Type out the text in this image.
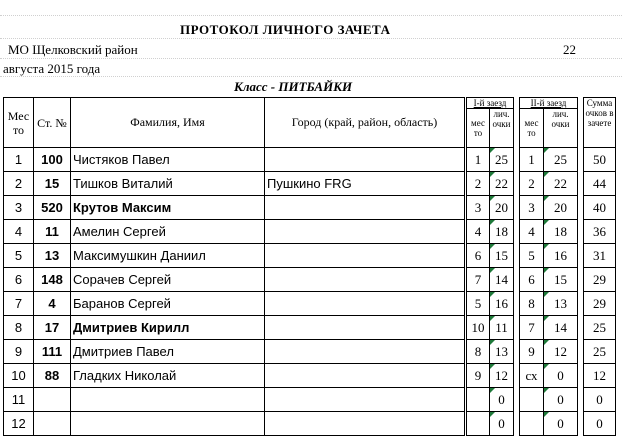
ПРОТОКОЛ ЛИЧНОГО ЗАЧЕТА
МО Щелковский район	22
августа 2015 года
Класс - ПИТБАЙКИ
Мес то	Ст. №	Фамилия, Имя	Город (край, район, область)	I-й заезд			II-й заезд			Сумма очков в зачете
				мес то	лич. очки		мес то	лич. очки		
1	100	Чистяков Павел		1	25		1	25		50
2	15	Тишков Виталий	Пушкино FRG	2	22		2	22		44
3	520	Крутов Максим		3	20		3	20		40
4	11	Амелин Сергей		4	18		4	18		36
5	13	Максимушкин Даниил		6	15		5	16		31
6	148	Сорачев Сергей		7	14		6	15		29
7	4	Баранов Сергей		5	16		8	13		29
8	17	Дмитриев Кирилл		10	11		7	14		25
9	111	Дмитриев Павел		8	13		9	12		25
10	88	Гладких Николай		9	12		сх	0		12
11					0			0		0
12					0			0		0
